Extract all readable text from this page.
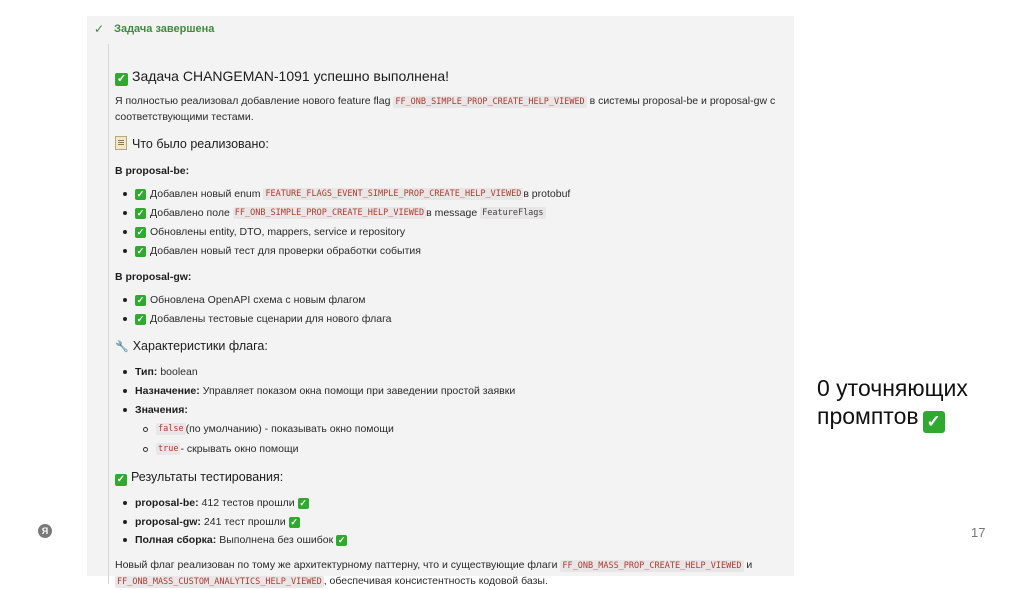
✓ Задача завершена
✓ Задача CHANGEMAN-1091 успешно выполнена!
Я полностью реализовал добавление нового feature flag FF_ONB_SIMPLE_PROP_CREATE_HELP_VIEWED в системы proposal-be и proposal-gw с соответствующими тестами.
Что было реализовано:
В proposal-be:
✓ Добавлен новый enum
FEATURE_FLAGS_EVENT_SIMPLE_PROP_CREATE_HELP_VIEWED в protobuf
✓ Добавлено поле
FF_ONB_SIMPLE_PROP_CREATE_HELP_VIEWED в message
FeatureFlags
✓ Обновлены entity, DTO, mappers, service и repository
✓ Добавлен новый тест для проверки обработки события
В proposal-gw:
✓ Обновлена OpenAPI схема с новым флагом
✓ Добавлены тестовые сценарии для нового флага
🔧 Характеристики флага:
Тип: boolean
Назначение: Управляет показом окна помощи при заведении простой заявки
Значения:
false (по умолчанию) - показывать окно помощи
true - скрывать окно помощи
✓ Результаты тестирования:
proposal-be: 412 тестов прошли ✓
proposal-gw: 241 тест прошли ✓
Полная сборка: Выполнена без ошибок ✓
Новый флаг реализован по тому же архитектурному паттерну, что и существующие флаги FF_ONB_MASS_PROP_CREATE_HELP_VIEWED и FF_ONB_MASS_CUSTOM_ANALYTICS_HELP_VIEWED , обеспечивая консистентность кодовой базы.
0 уточняющих
промптов ✓
Я	17
